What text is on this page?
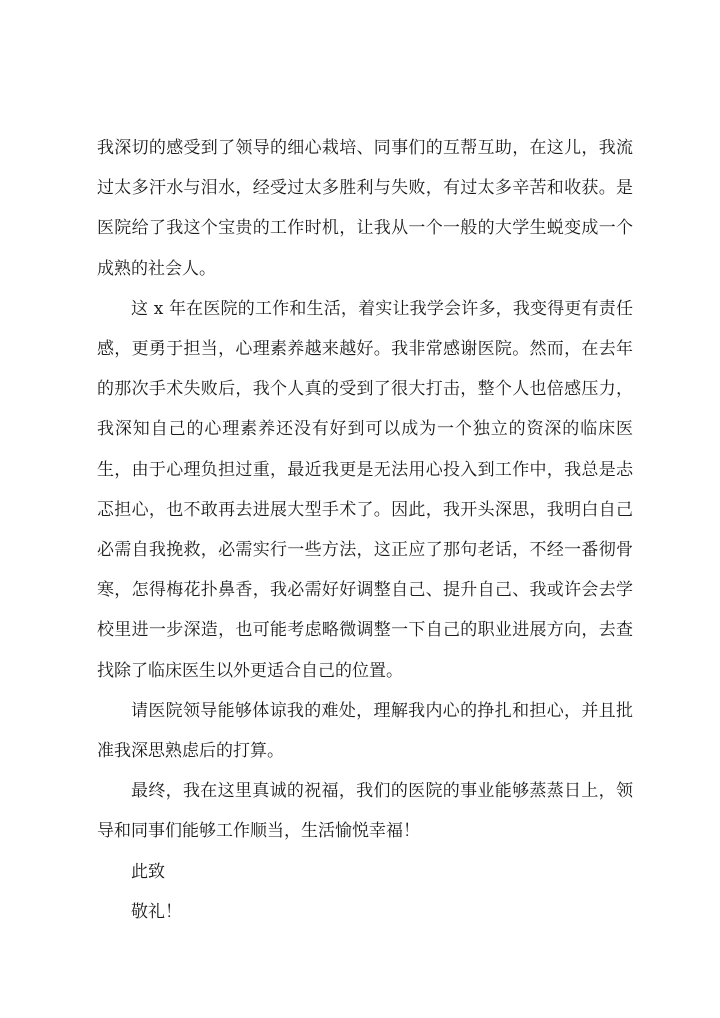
我深切的感受到了领导的细心栽培、同事们的互帮互助，在这儿，我流过太多汗水与泪水，经受过太多胜利与失败，有过太多辛苦和收获。是医院给了我这个宝贵的工作时机，让我从一个一般的大学生蜕变成一个成熟的社会人。

这 x 年在医院的工作和生活，着实让我学会许多，我变得更有责任感，更勇于担当，心理素养越来越好。我非常感谢医院。然而，在去年的那次手术失败后，我个人真的受到了很大打击，整个人也倍感压力，我深知自己的心理素养还没有好到可以成为一个独立的资深的临床医生，由于心理负担过重，最近我更是无法用心投入到工作中，我总是忐忑担心，也不敢再去进展大型手术了。因此，我开头深思，我明白自己必需自我挽救，必需实行一些方法，这正应了那句老话，不经一番彻骨寒，怎得梅花扑鼻香，我必需好好调整自己、提升自己、我或许会去学校里进一步深造，也可能考虑略微调整一下自己的职业进展方向，去查找除了临床医生以外更适合自己的位置。

请医院领导能够体谅我的难处，理解我内心的挣扎和担心，并且批准我深思熟虑后的打算。

最终，我在这里真诚的祝福，我们的医院的事业能够蒸蒸日上，领导和同事们能够工作顺当，生活愉悦幸福！

此致

敬礼！
